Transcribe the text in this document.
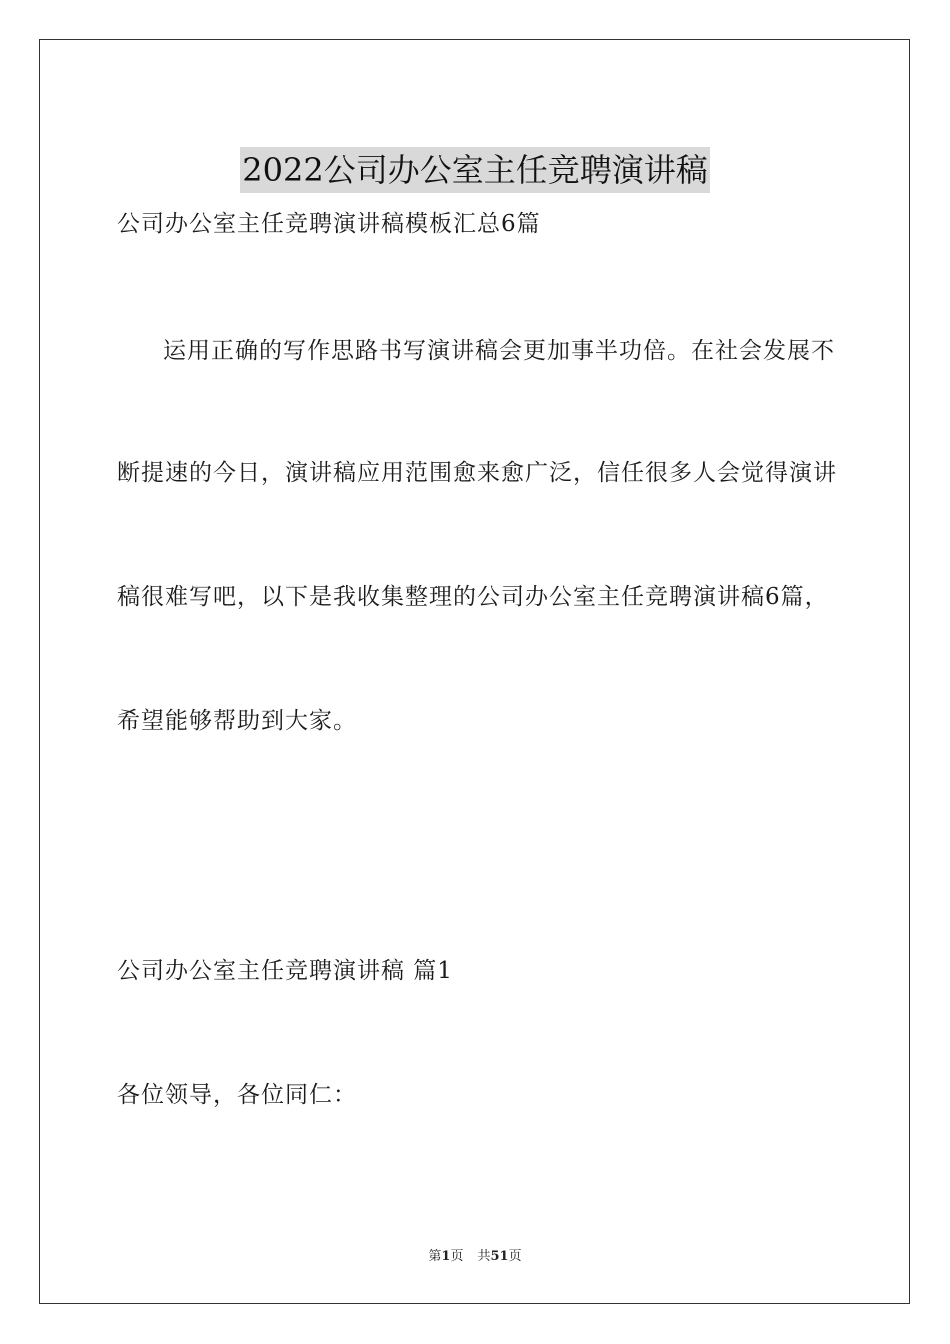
2022公司办公室主任竞聘演讲稿
公司办公室主任竞聘演讲稿模板汇总6篇
运用正确的写作思路书写演讲稿会更加事半功倍。在社会发展不
断提速的今日，演讲稿应用范围愈来愈广泛，信任很多人会觉得演讲
稿很难写吧，以下是我收集整理的公司办公室主任竞聘演讲稿6篇，
希望能够帮助到大家。
公司办公室主任竞聘演讲稿 篇1
各位领导，各位同仁：
第1页 共51页
